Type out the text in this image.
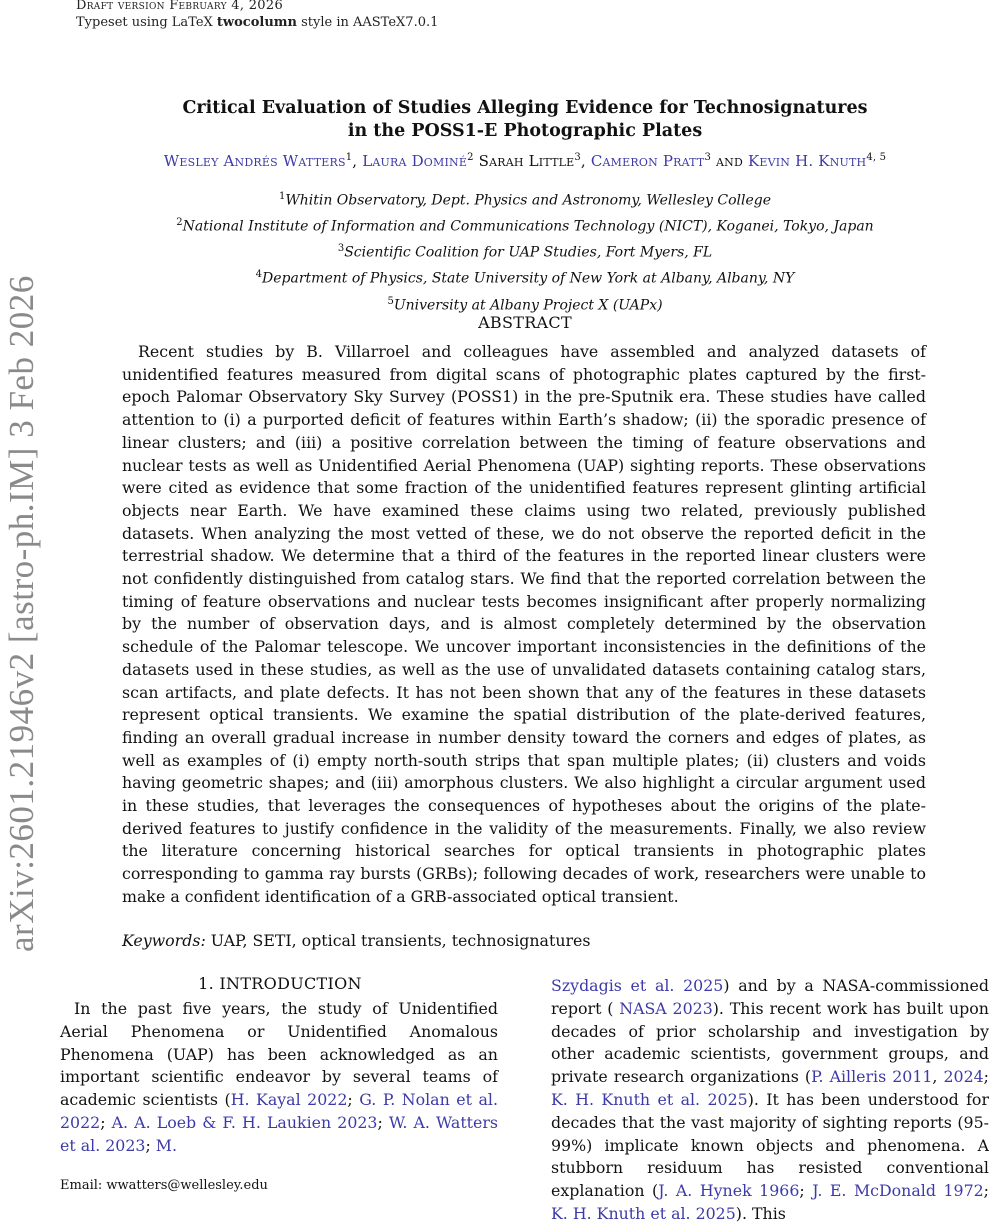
Draft version February 4, 2026
Typeset using LaTeX twocolumn style in AASTeX7.0.1
arXiv:2601.21946v2 [astro-ph.IM] 3 Feb 2026
Critical Evaluation of Studies Alleging Evidence for Technosignatures
in the POSS1-E Photographic Plates
Wesley Andrés Watters$^1$, Laura Dominé$^2$ Sarah Little$^3$, Cameron Pratt$^3$ and Kevin H. Knuth$^{4, 5}$
$^1$Whitin Observatory, Dept. Physics and Astronomy, Wellesley College
$^2$National Institute of Information and Communications Technology (NICT), Koganei, Tokyo, Japan
$^3$Scientific Coalition for UAP Studies, Fort Myers, FL
$^4$Department of Physics, State University of New York at Albany, Albany, NY
$^5$University at Albany Project X (UAPx)
ABSTRACT
Recent studies by B. Villarroel and colleagues have assembled and analyzed datasets of unidentified features measured from digital scans of photographic plates captured by the first-epoch Palomar Observatory Sky Survey (POSS1) in the pre-Sputnik era. These studies have called attention to (i) a purported deficit of features within Earth’s shadow; (ii) the sporadic presence of linear clusters; and (iii) a positive correlation between the timing of feature observations and nuclear tests as well as Unidentified Aerial Phenomena (UAP) sighting reports. These observations were cited as evidence that some fraction of the unidentified features represent glinting artificial objects near Earth. We have examined these claims using two related, previously published datasets. When analyzing the most vetted of these, we do not observe the reported deficit in the terrestrial shadow. We determine that a third of the features in the reported linear clusters were not confidently distinguished from catalog stars. We find that the reported correlation between the timing of feature observations and nuclear tests becomes insignificant after properly normalizing by the number of observation days, and is almost completely determined by the observation schedule of the Palomar telescope. We uncover important inconsistencies in the definitions of the datasets used in these studies, as well as the use of unvalidated datasets containing catalog stars, scan artifacts, and plate defects. It has not been shown that any of the features in these datasets represent optical transients. We examine the spatial distribution of the plate-derived features, finding an overall gradual increase in number density toward the corners and edges of plates, as well as examples of (i) empty north-south strips that span multiple plates; (ii) clusters and voids having geometric shapes; and (iii) amorphous clusters. We also highlight a circular argument used in these studies, that leverages the consequences of hypotheses about the origins of the plate-derived features to justify confidence in the validity of the measurements. Finally, we also review the literature concerning historical searches for optical transients in photographic plates corresponding to gamma ray bursts (GRBs); following decades of work, researchers were unable to make a confident identification of a GRB-associated optical transient.
Keywords: UAP, SETI, optical transients, technosignatures
1. INTRODUCTION
In the past five years, the study of Unidentified Aerial Phenomena or Unidentified Anomalous Phenomena (UAP) has been acknowledged as an important scientific endeavor by several teams of academic scientists (H. Kayal 2022; G. P. Nolan et al. 2022; A. A. Loeb & F. H. Laukien 2023; W. A. Watters et al. 2023; M.
Szydagis et al. 2025) and by a NASA-commissioned report ( NASA 2023). This recent work has built upon decades of prior scholarship and investigation by other academic scientists, government groups, and private research organizations (P. Ailleris 2011, 2024; K. H. Knuth et al. 2025). It has been understood for decades that the vast majority of sighting reports (95-99%) implicate known objects and phenomena. A stubborn residuum has resisted conventional explanation (J. A. Hynek 1966; J. E. McDonald 1972; K. H. Knuth et al. 2025). This
Email: wwatters@wellesley.edu
